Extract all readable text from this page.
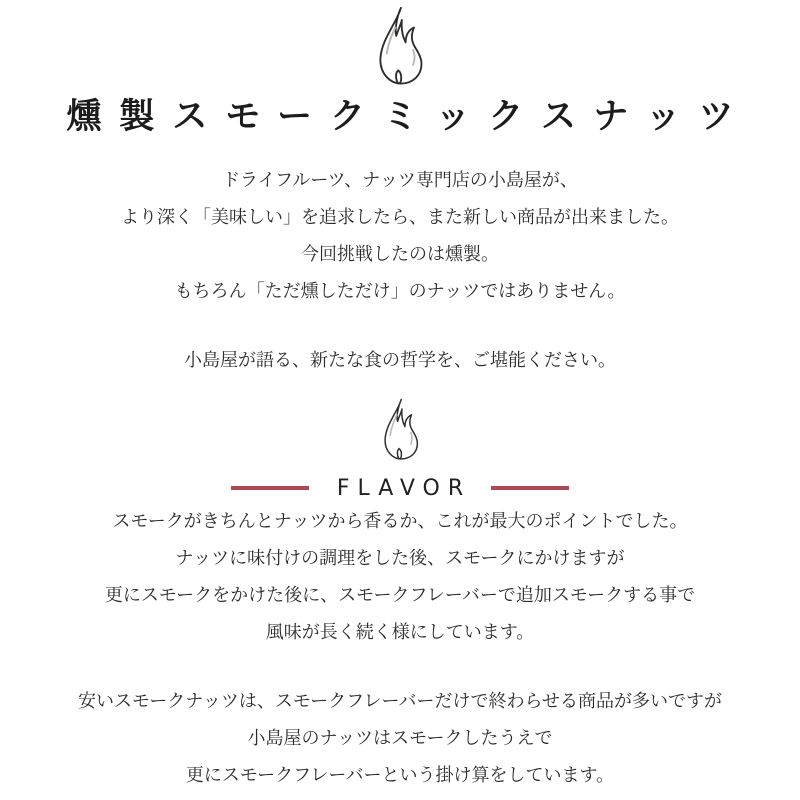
燻製スモークミックスナッツ

ドライフルーツ、ナッツ専門店の小島屋が、

より深く「美味しい」を追求したら、また新しい商品が出来ました。

今回挑戦したのは燻製。

もちろん「ただ燻しただけ」のナッツではありません。

小島屋が語る、新たな食の哲学を、ご堪能ください。

FLAVOR

スモークがきちんとナッツから香るか、これが最大のポイントでした。

ナッツに味付けの調理をした後、スモークにかけますが

更にスモークをかけた後に、スモークフレーバーで追加スモークする事で

風味が長く続く様にしています。

安いスモークナッツは、スモークフレーバーだけで終わらせる商品が多いですが

小島屋のナッツはスモークしたうえで

更にスモークフレーバーという掛け算をしています。
